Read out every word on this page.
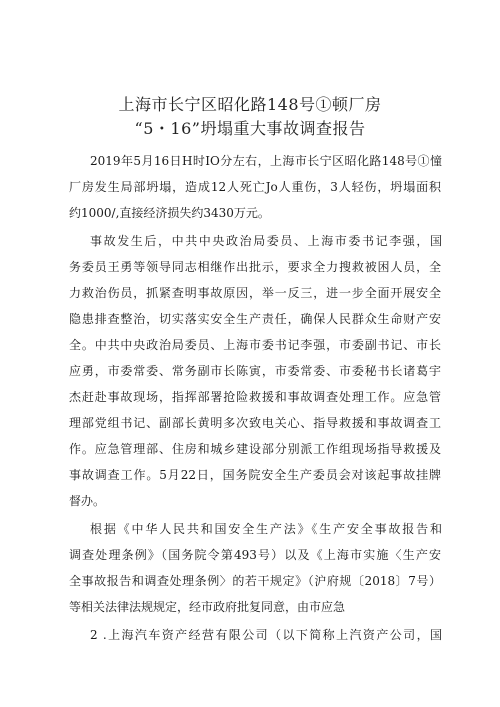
上海市长宁区昭化路148号①顿厂房
“5・16”坍塌重大事故调查报告
2019年5月16日H时IO分左右，上海市长宁区昭化路148号①憧
厂房发生局部坍塌，造成12人死亡Jo人重伤，3人轻伤，坍塌面积
约1000/,直接经济损失约3430万元。
事故发生后，中共中央政治局委员、上海市委书记李强，国
务委员王勇等领导同志相继作出批示，要求全力搜救被困人员，全
力救治伤员，抓紧查明事故原因，举一反三，进一步全面开展安全
隐患排查整治，切实落实安全生产责任，确保人民群众生命财产安
全。中共中央政治局委员、上海市委书记李强，市委副书记、市长
应勇，市委常委、常务副市长陈寅，市委常委、市委秘书长诸葛宇
杰赶赴事故现场，指挥部署抢险救援和事故调查处理工作。应急管
理部党组书记、副部长黄明多次致电关心、指导救援和事故调查工
作。应急管理部、住房和城乡建设部分别派工作组现场指导救援及
事故调查工作。5月22日，国务院安全生产委员会对该起事故挂牌
督办。
根据《中华人民共和国安全生产法》《生产安全事故报告和
调查处理条例》（国务院令第493号）以及《上海市实施〈生产安
全事故报告和调查处理条例〉的若干规定》（沪府规〔2018〕7号）
等相关法律法规规定，经市政府批复同意，由市应急
2 .上海汽车资产经营有限公司（以下简称上汽资产公司，国
